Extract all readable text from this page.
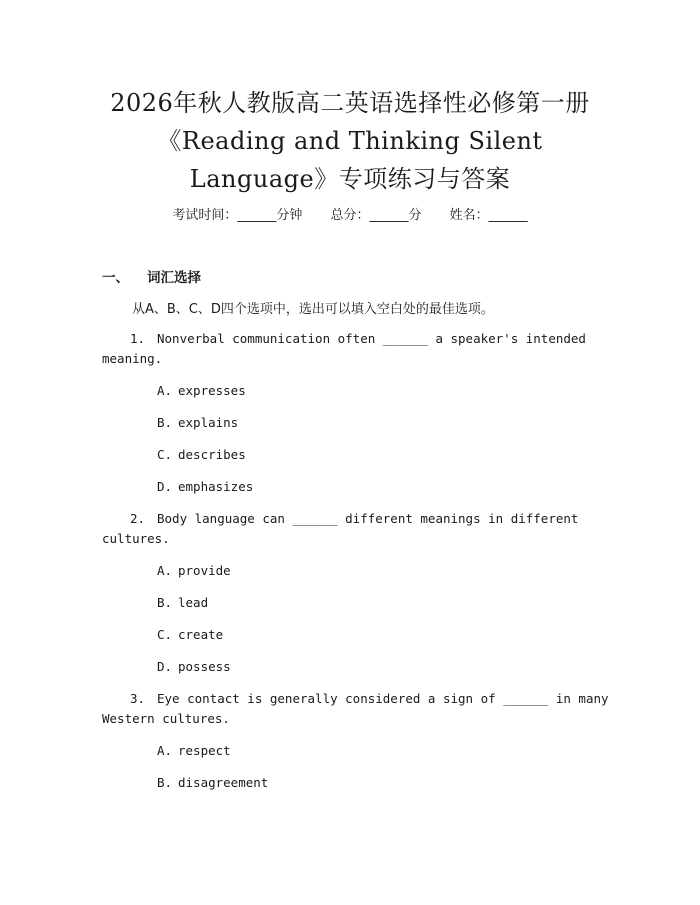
2026年秋人教版高二英语选择性必修第一册
《Reading and Thinking Silent
Language》专项练习与答案
考试时间：______分钟 总分：______分 姓名：______
一、 词汇选择
从A、B、C、D四个选项中，选出可以填入空白处的最佳选项。
1. Nonverbal communication often ______ a speaker's intended
meaning.
A. expresses
B. explains
C. describes
D. emphasizes
2. Body language can ______ different meanings in different
cultures.
A. provide
B. lead
C. create
D. possess
3. Eye contact is generally considered a sign of ______ in many
Western cultures.
A. respect
B. disagreement
